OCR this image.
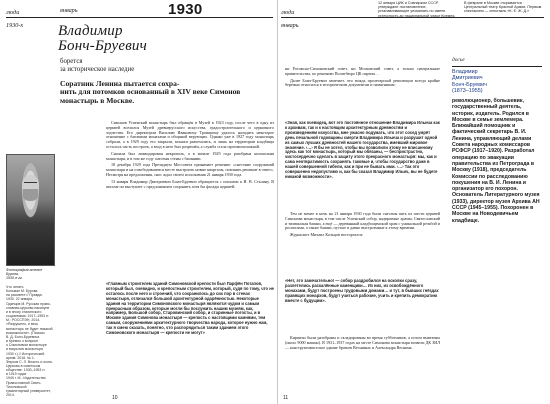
люди

1930-х

январь	1930
Владимир
Бонч-Бруевич
борется
за историческое наследие
Соратник Ленина пытается сохра-
нить для потомков основанный в XIV веке Симонов
монастырь в Москве.
Фотография ателье Бурова.
1930-е гг.
Что читать
Кольман М. Бурова
на рассвете // Правда.
1930. 22 января.
Одинцов М. Русская право-
славная церковь накануне
и в эпоху сталинского
социализма. 1917–1953 гг.
М.: РОССПЭН, 2014.
«Разрушено, и весь
монастырь не будет никакой
возможности». (Письмо
В. Д. Бонч-Бруевича
в Кремль о вопросе
о Симоновом монастыре
и вскрытия монастыря
1930 г.) // Исторический
архив. 2016. № 1.
Фирсов С. Л. Власть и огонь.
Церковь в советском
обществе. 1930–1953 гг.
в 1919 годах
1949 г. М.: Издательство
Православной Свято-Тихоновской
гуманитарный университет, 2014.

Симонов Успенский монастырь был обращён в Музей в 1923 году, после чего в одну из церквей вселился Музей древнерусского искусства, градостроительного и церковного зодчества. Его директором Василию Ивановичу Троицкому удалось наладить некоторое отношение с близкими монахами и общиной верующих. Однако уже в 1927 году монастырь собрали, а в 1929 году его закрыли, монахи разъехались, и лишь на территории кладбища осталось часть построек, а вход в него был разрешён, а служба стала противоположной.

Сначала был ликвидирован некрополь, а в начале 1929 года разобрана колокольня монастыря, и в том же году снесены стены с башнями.

18 декабря 1929 года Президиум Моссовета принимает решение: «снесение сооружений монастыря и на освободившемся месте выстроить новые кварталы, повлиять решение в ответ». Несмотря на предложения, снос ждал своего исполнения 21 января 1930 года.

13 января Владимир Дмитриевич Бонч-Бруевич обращается с письмом к И. В. Сталину. В письме он выступает с предложением сохранить хотя бы фасады церквей:

«Главным строителем зданий Симоновской крепости был Парфён Потапов, который был, очевидно, и крепостным строителем, который, судя по тому, что не осталось после него и строений, что сохранилось до сих пор в стенах монастыря, отличался большой архитектурной одарённостью. Некоторые здания на территории Симоновского монастыря являются чудом и самым прекрасным образом, которые могли бы послужить нашим музеям, как, например, Большой собор, Старовинский собор, и старинные погосты, и в Москве здания Симонова монастыря — крепость с настоящими камнями, тем самым, сооружениями архитектурного творчества народа, которое нужно нам, так я смею сказать, понятно, что распорядиться таким зданием этого Симоновского монастыря — крепости не могут»
10

люди

январь

12 января ЦИК и Совнарком СССР утверждают постановление, устанавливающее упоминать по имени статусность до национальной улице Кремля.
В феврале в Москве открывается Центральный театр Красной Армии. Первым спектаклем — спектакль «К. Е. Ж. Д.»

ни Рогожско-Симоновский совет, ни Московский совет, а только центральные правительства, по решению Политбюро ЦК партии…

Далее Бонч-Бруевич замечает, что вождь пролетарской революции всегда крайне бережно относился к историческим документам и памятникам:

«Зная, как очевидец, вот это постоянное отношение Владимира Ильича как к архивам, так и к настоящим архитектурным древностям и произведениям искусства, мне ужасно подумать, что этот сосед умрёт день печальной годовщины смерти Владимира Ильича и разрушит одной из самых лучших древностей нашего государства, имевший мировое значение. ‹…› Я бы не хотел, чтобы вы позволили этому не вписанному здесь как тот монастырь, который мы обязаны, — беспристрастно, чистосердечно сделать в защиту этого прекрасного монастыря: мы, как и сама неотвратимость сохранять таковые и, чтобы государство даже в нашей совершенной гибели, как и при не бывать ими. ‹…› Так это совершенно недопустимо и, как бы сказал Владимир Ильич, вы не будете никакой возможности».

Тем не менее в ночь на 21 января 1930 года были снесены пять из шести церквей Симонова монастыря, в том числе Успенский собор, надвратные храмы, Святославский и тихвинская башни, а ещё — деревянный кладбищенский храм с уникальной резьбой и росписями, а также башни, пустые и давно выстроенные к этому времени.

Журналист Михаил Кольцов восторгался:

«Нет, это замечательно! — собор раздробился на осколки сразу, разлетелись раскалённые каменщики… Из них, из освобождённого монахами, будут построены трудовыми домами… и тут, в бывших гнёздах правящих монархов, будут учиться рабочие, учить и крепить демократию вместе с будущим».

Кирпичи были разобраны и складированы во время субботников, а потом вывезены (около 9000 машин). В 1931–1937 годах на месте Симонова монастыря возвели ДК ЗИЛ — конструктивистское здание братьев Весниных и Александра Веснина.

11
досье
Владимир
Дмитриевич
Бонч-Бруевич
(1873–1955)
революционер, большевик, государственный деятель, историк, издатель. Родился в Москве в семье землемера. Ближайший помощник и фактический секретарь В. И. Ленина, управляющий делами Совета народных комиссаров РСФСР (1917–1920). Разработал операцию по эвакуации правительства из Петрограда в Москву (1918), председатель Комиссии по расследованию покушения на В. И. Ленина и организатор его похорон. Основатель Литературного музея (1933), директор музея Архива АН СССР (1945–1955). Похоронен в Москве на Новодевичьем кладбище.
